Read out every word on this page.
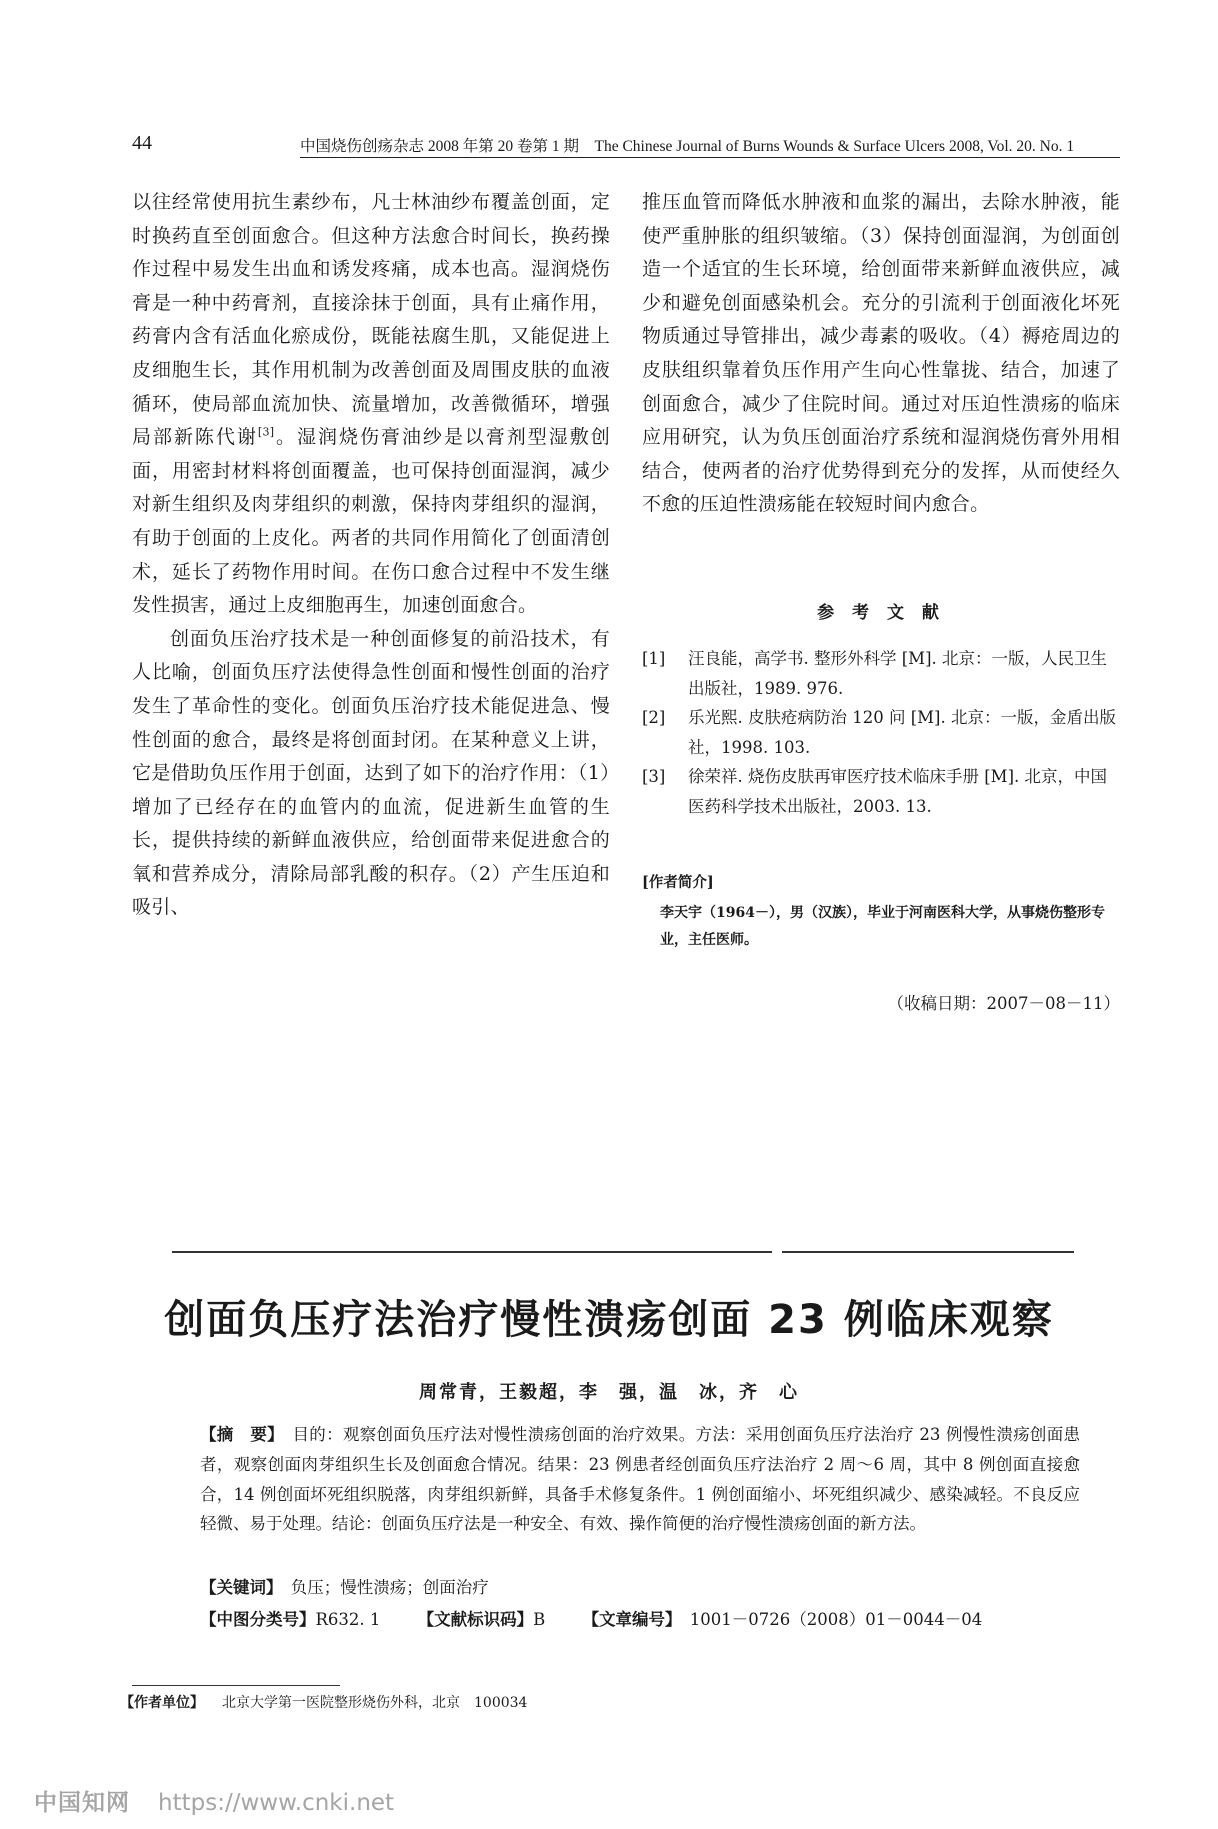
44	中国烧伤创疡杂志 2008 年第 20 卷第 1 期　The Chinese Journal of Burns Wounds & Surface Ulcers 2008, Vol. 20. No. 1

以往经常使用抗生素纱布，凡士林油纱布覆盖创面，定时换药直至创面愈合。但这种方法愈合时间长，换药操作过程中易发生出血和诱发疼痛，成本也高。湿润烧伤膏是一种中药膏剂，直接涂抹于创面，具有止痛作用，药膏内含有活血化瘀成份，既能祛腐生肌，又能促进上皮细胞生长，其作用机制为改善创面及周围皮肤的血液循环，使局部血流加快、流量增加，改善微循环，增强局部新陈代谢[3]。湿润烧伤膏油纱是以膏剂型湿敷创面，用密封材料将创面覆盖，也可保持创面湿润，减少对新生组织及肉芽组织的刺激，保持肉芽组织的湿润，有助于创面的上皮化。两者的共同作用简化了创面清创术，延长了药物作用时间。在伤口愈合过程中不发生继发性损害，通过上皮细胞再生，加速创面愈合。

创面负压治疗技术是一种创面修复的前沿技术，有人比喻，创面负压疗法使得急性创面和慢性创面的治疗发生了革命性的变化。创面负压治疗技术能促进急、慢性创面的愈合，最终是将创面封闭。在某种意义上讲，它是借助负压作用于创面，达到了如下的治疗作用：（1）增加了已经存在的血管内的血流，促进新生血管的生长，提供持续的新鲜血液供应，给创面带来促进愈合的氧和营养成分，清除局部乳酸的积存。（2）产生压迫和吸引、

推压血管而降低水肿液和血浆的漏出，去除水肿液，能使严重肿胀的组织皱缩。（3）保持创面湿润，为创面创造一个适宜的生长环境，给创面带来新鲜血液供应，减少和避免创面感染机会。充分的引流利于创面液化坏死物质通过导管排出，减少毒素的吸收。（4）褥疮周边的皮肤组织靠着负压作用产生向心性靠拢、结合，加速了创面愈合，减少了住院时间。通过对压迫性溃疡的临床应用研究，认为负压创面治疗系统和湿润烧伤膏外用相结合，使两者的治疗优势得到充分的发挥，从而使经久不愈的压迫性溃疡能在较短时间内愈合。

参 考 文 献
[1] 汪良能，高学书. 整形外科学 [M]. 北京：一版，人民卫生出版社，1989. 976.
[2] 乐光熙. 皮肤疮病防治 120 问 [M]. 北京：一版，金盾出版社，1998. 103.
[3] 徐荣祥. 烧伤皮肤再审医疗技术临床手册 [M]. 北京，中国医药科学技术出版社，2003. 13.
[作者简介]
李天宇（1964－），男（汉族），毕业于河南医科大学，从事烧伤整形专业，主任医师。
（收稿日期：2007－08－11）
创面负压疗法治疗慢性溃疡创面 23 例临床观察
周常青，王毅超，李　强，温　冰，齐　心

【摘　要】　 目的：观察创面负压疗法对慢性溃疡创面的治疗效果。方法：采用创面负压疗法治疗 23 例慢性溃疡创面患者，观察创面肉芽组织生长及创面愈合情况。结果：23 例患者经创面负压疗法治疗 2 周～6 周，其中 8 例创面直接愈合，14 例创面坏死组织脱落，肉芽组织新鲜，具备手术修复条件。1 例创面缩小、坏死组织减少、感染减轻。不良反应轻微、易于处理。结论：创面负压疗法是一种安全、有效、操作简便的治疗慢性溃疡创面的新方法。

【关键词】　 负压；慢性溃疡；创面治疗
【中图分类号】R632. 1 【文献标识码】B 【文章编号】　 1001－0726（2008）01－0044－04
【作者单位】 北京大学第一医院整形烧伤外科，北京　100034
中国知网 https://www.cnki.net
